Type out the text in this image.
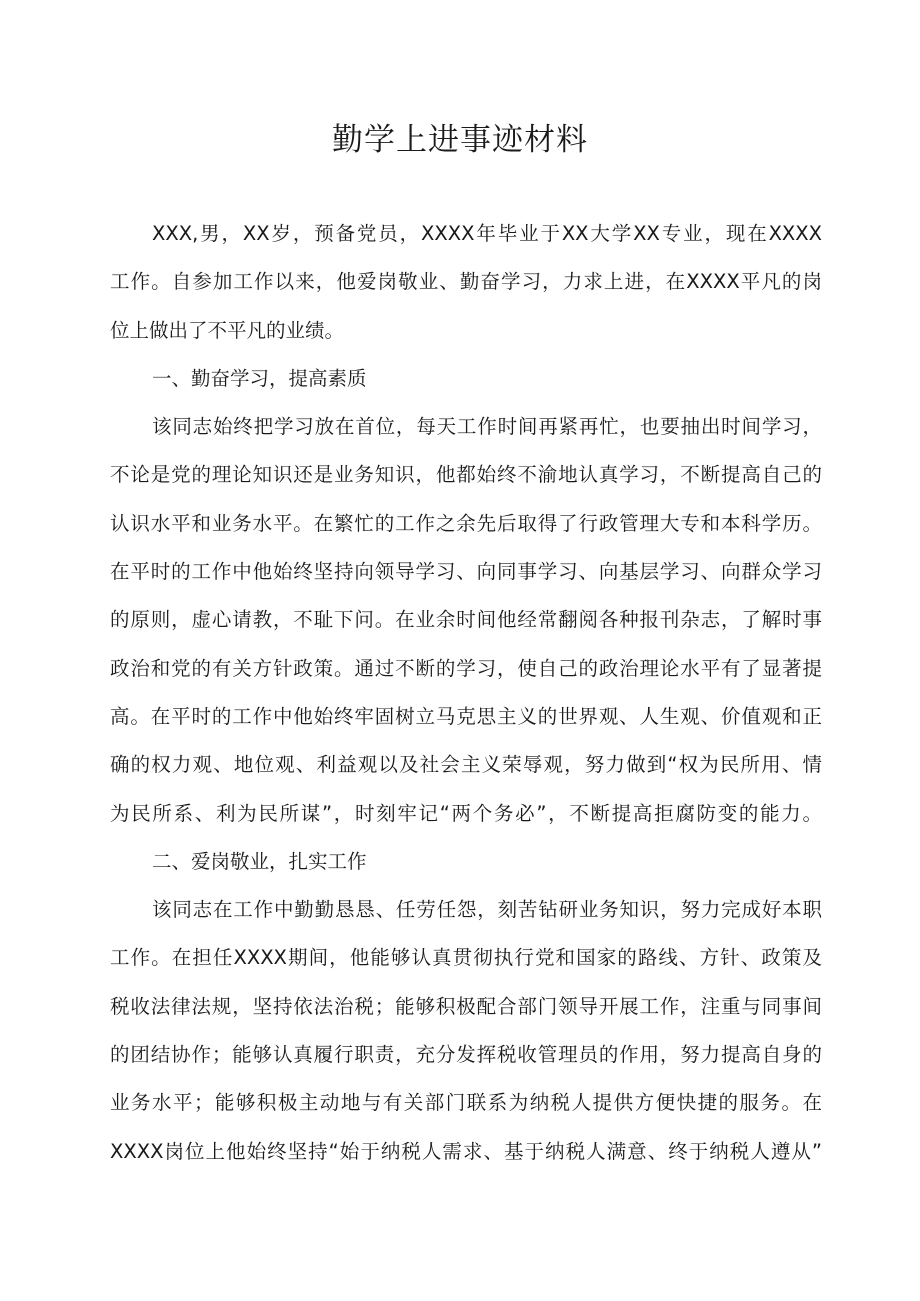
勤学上进事迹材料
XXX,男，XX岁，预备党员，XXXX年毕业于XX大学XX专业，现在XXXX
工作。自参加工作以来，他爱岗敬业、勤奋学习，力求上进，在XXXX平凡的岗
位上做出了不平凡的业绩。
一、勤奋学习，提高素质
该同志始终把学习放在首位，每天工作时间再紧再忙，也要抽出时间学习，
不论是党的理论知识还是业务知识，他都始终不渝地认真学习，不断提高自己的
认识水平和业务水平。在繁忙的工作之余先后取得了行政管理大专和本科学历。
在平时的工作中他始终坚持向领导学习、向同事学习、向基层学习、向群众学习
的原则，虚心请教，不耻下问。在业余时间他经常翻阅各种报刊杂志，了解时事
政治和党的有关方针政策。通过不断的学习，使自己的政治理论水平有了显著提
高。在平时的工作中他始终牢固树立马克思主义的世界观、人生观、价值观和正
确的权力观、地位观、利益观以及社会主义荣辱观，努力做到“权为民所用、情
为民所系、利为民所谋”，时刻牢记“两个务必”，不断提高拒腐防变的能力。
二、爱岗敬业，扎实工作
该同志在工作中勤勤恳恳、任劳任怨，刻苦钻研业务知识，努力完成好本职
工作。在担任XXXX期间，他能够认真贯彻执行党和国家的路线、方针、政策及
税收法律法规，坚持依法治税；能够积极配合部门领导开展工作，注重与同事间
的团结协作；能够认真履行职责，充分发挥税收管理员的作用，努力提高自身的
业务水平；能够积极主动地与有关部门联系为纳税人提供方便快捷的服务。在
XXXX岗位上他始终坚持“始于纳税人需求、基于纳税人满意、终于纳税人遵从”
